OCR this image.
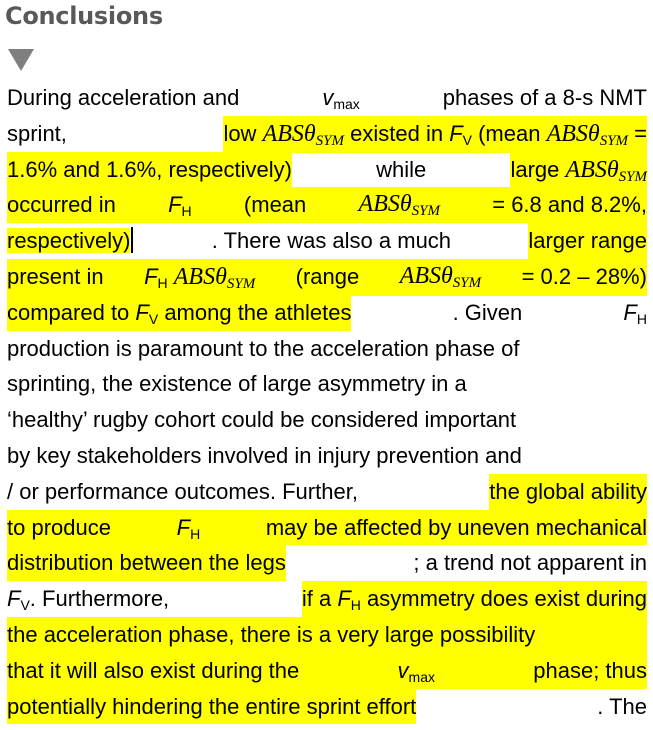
Conclusions
During acceleration and	$v_{max}$	phases of a 8-s NMT
sprint,	low ABSθ$_{SYM}$ existed in $F_V$ (mean ABSθ$_{SYM}$ =
1.6% and 1.6%, respectively)	while	large ABSθ$_{SYM}$
occurred in $F_H$ (mean ABSθ$_{SYM}$ = 6.8 and 8.2%,
respectively)	. There was also a much	larger range
present in $F_H$ ABSθ$_{SYM}$ (range ABSθ$_{SYM}$ = 0.2 – 28%)
compared to $F_V$ among the athletes	. Given	$F_H$
production is paramount to the acceleration phase of
sprinting, the existence of large asymmetry in a
‘healthy’ rugby cohort could be considered important
by key stakeholders involved in injury prevention and
/ or performance outcomes. Further,	the global ability
to produce	$F_H$	may be affected by uneven mechanical
distribution between the legs	; a trend not apparent in
$F_V$. Furthermore,	if a $F_H$ asymmetry does exist during
the acceleration phase, there is a very large possibility
that it will also exist during the	$v_{max}$	phase; thus
potentially hindering the entire sprint effort	. The
